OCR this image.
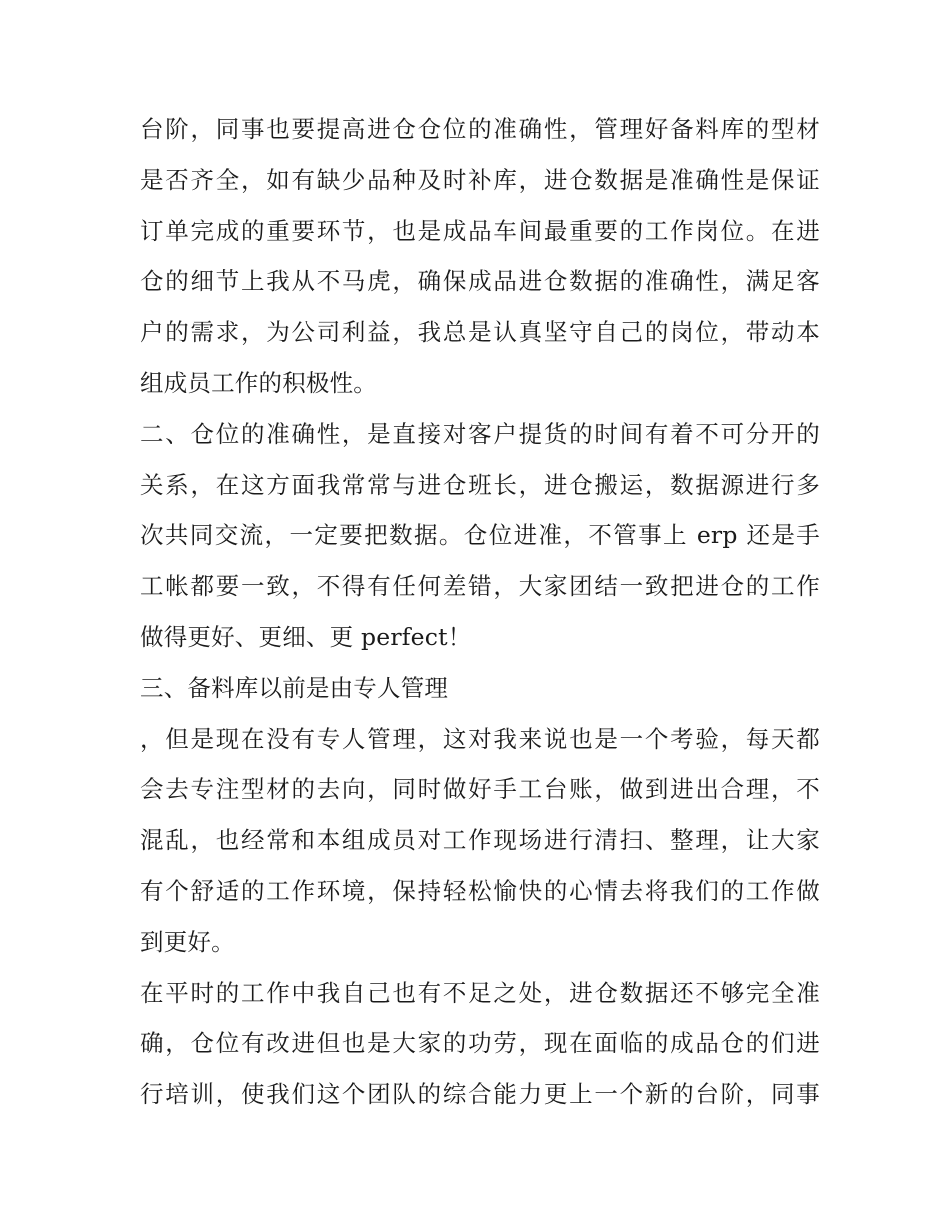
台阶，同事也要提高进仓仓位的准确性，管理好备料库的型材
是否齐全，如有缺少品种及时补库，进仓数据是准确性是保证
订单完成的重要环节，也是成品车间最重要的工作岗位。在进
仓的细节上我从不马虎，确保成品进仓数据的准确性，满足客
户的需求，为公司利益，我总是认真坚守自己的岗位，带动本
组成员工作的积极性。
二、仓位的准确性，是直接对客户提货的时间有着不可分开的
关系，在这方面我常常与进仓班长，进仓搬运，数据源进行多
次共同交流，一定要把数据。仓位进准，不管事上 erp 还是手
工帐都要一致，不得有任何差错，大家团结一致把进仓的工作
做得更好、更细、更 perfect！
三、备料库以前是由专人管理
，但是现在没有专人管理，这对我来说也是一个考验，每天都
会去专注型材的去向，同时做好手工台账，做到进出合理，不
混乱，也经常和本组成员对工作现场进行清扫、整理，让大家
有个舒适的工作环境，保持轻松愉快的心情去将我们的工作做
到更好。
在平时的工作中我自己也有不足之处，进仓数据还不够完全准
确，仓位有改进但也是大家的功劳，现在面临的成品仓的们进
行培训，使我们这个团队的综合能力更上一个新的台阶，同事
